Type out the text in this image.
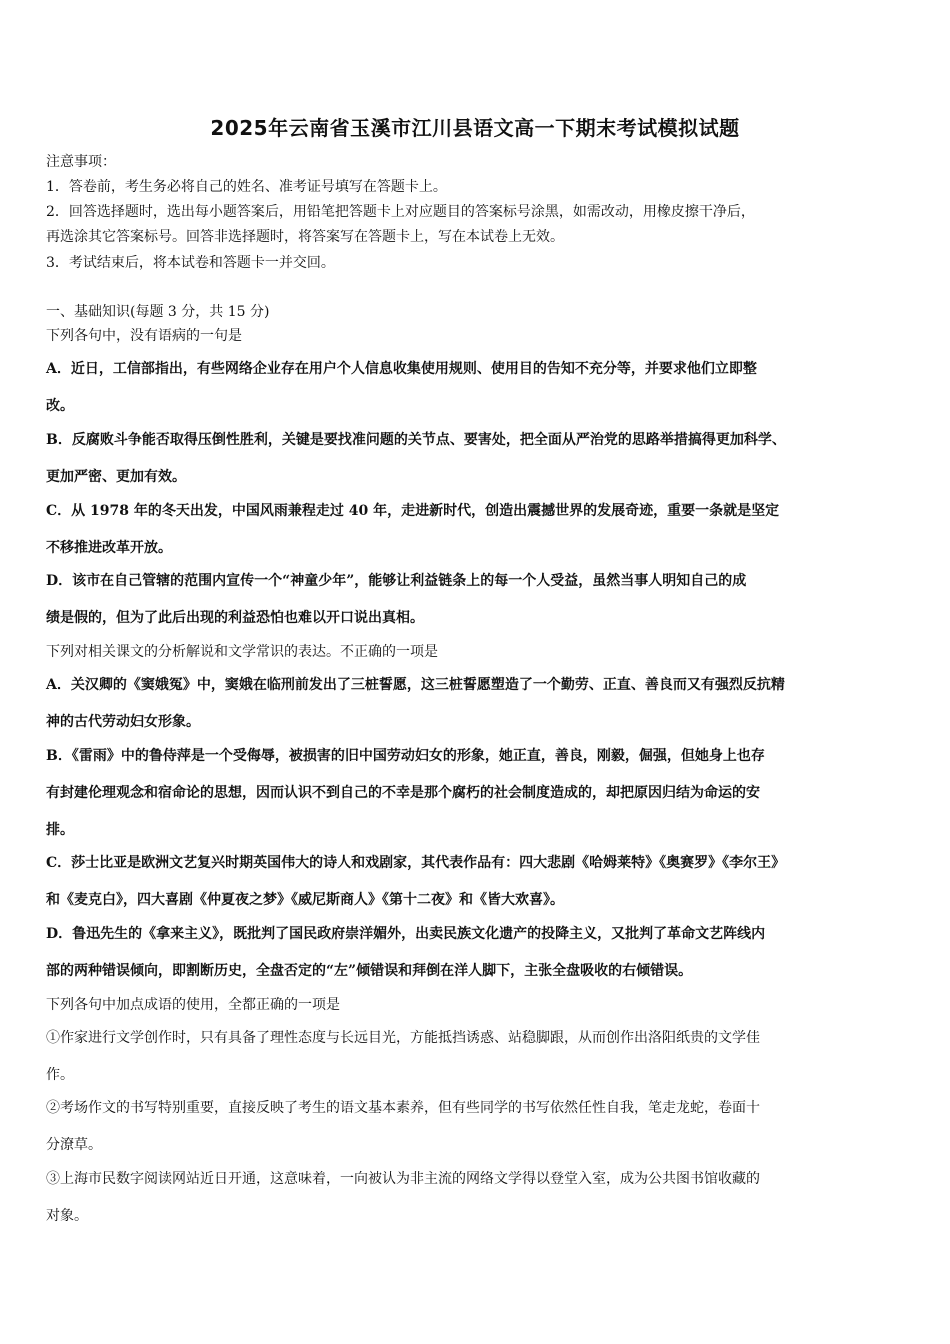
2025年云南省玉溪市江川县语文高一下期末考试模拟试题
注意事项：
1．答卷前，考生务必将自己的姓名、准考证号填写在答题卡上。
2．回答选择题时，选出每小题答案后，用铅笔把答题卡上对应题目的答案标号涂黑，如需改动，用橡皮擦干净后，
再选涂其它答案标号。回答非选择题时，将答案写在答题卡上，写在本试卷上无效。
3．考试结束后，将本试卷和答题卡一并交回。
一、基础知识(每题 3 分，共 15 分)
下列各句中，没有语病的一句是
A．近日，工信部指出，有些网络企业存在用户个人信息收集使用规则、使用目的告知不充分等，并要求他们立即整
改。
B．反腐败斗争能否取得压倒性胜利，关键是要找准问题的关节点、要害处，把全面从严治党的思路举措搞得更加科学、
更加严密、更加有效。
C．从 1978 年的冬天出发，中国风雨兼程走过 40 年，走进新时代，创造出震撼世界的发展奇迹，重要一条就是坚定
不移推进改革开放。
D．该市在自己管辖的范围内宣传一个“神童少年”，能够让利益链条上的每一个人受益，虽然当事人明知自己的成
绩是假的，但为了此后出现的利益恐怕也难以开口说出真相。
下列对相关课文的分析解说和文学常识的表达。不正确的一项是
A．关汉卿的《窦娥冤》中，窦娥在临刑前发出了三桩誓愿，这三桩誓愿塑造了一个勤劳、正直、善良而又有强烈反抗精
神的古代劳动妇女形象。
B．《雷雨》中的鲁侍萍是一个受侮辱，被损害的旧中国劳动妇女的形象，她正直，善良，刚毅，倔强，但她身上也存
有封建伦理观念和宿命论的思想，因而认识不到自己的不幸是那个腐朽的社会制度造成的，却把原因归结为命运的安
排。
C．莎士比亚是欧洲文艺复兴时期英国伟大的诗人和戏剧家，其代表作品有：四大悲剧《哈姆莱特》《奥赛罗》《李尔王》
和《麦克白》，四大喜剧《仲夏夜之梦》《威尼斯商人》《第十二夜》和《皆大欢喜》。
D．鲁迅先生的《拿来主义》，既批判了国民政府崇洋媚外，出卖民族文化遗产的投降主义，又批判了革命文艺阵线内
部的两种错误倾向，即割断历史，全盘否定的“左”倾错误和拜倒在洋人脚下，主张全盘吸收的右倾错误。
下列各句中加点成语的使用，全都正确的一项是
①作家进行文学创作时，只有具备了理性态度与长远目光，方能抵挡诱惑、站稳脚跟，从而创作出洛阳纸贵的文学佳
作。
②考场作文的书写特别重要，直接反映了考生的语文基本素养，但有些同学的书写依然任性自我，笔走龙蛇，卷面十
分潦草。
③上海市民数字阅读网站近日开通，这意味着，一向被认为非主流的网络文学得以登堂入室，成为公共图书馆收藏的
对象。
